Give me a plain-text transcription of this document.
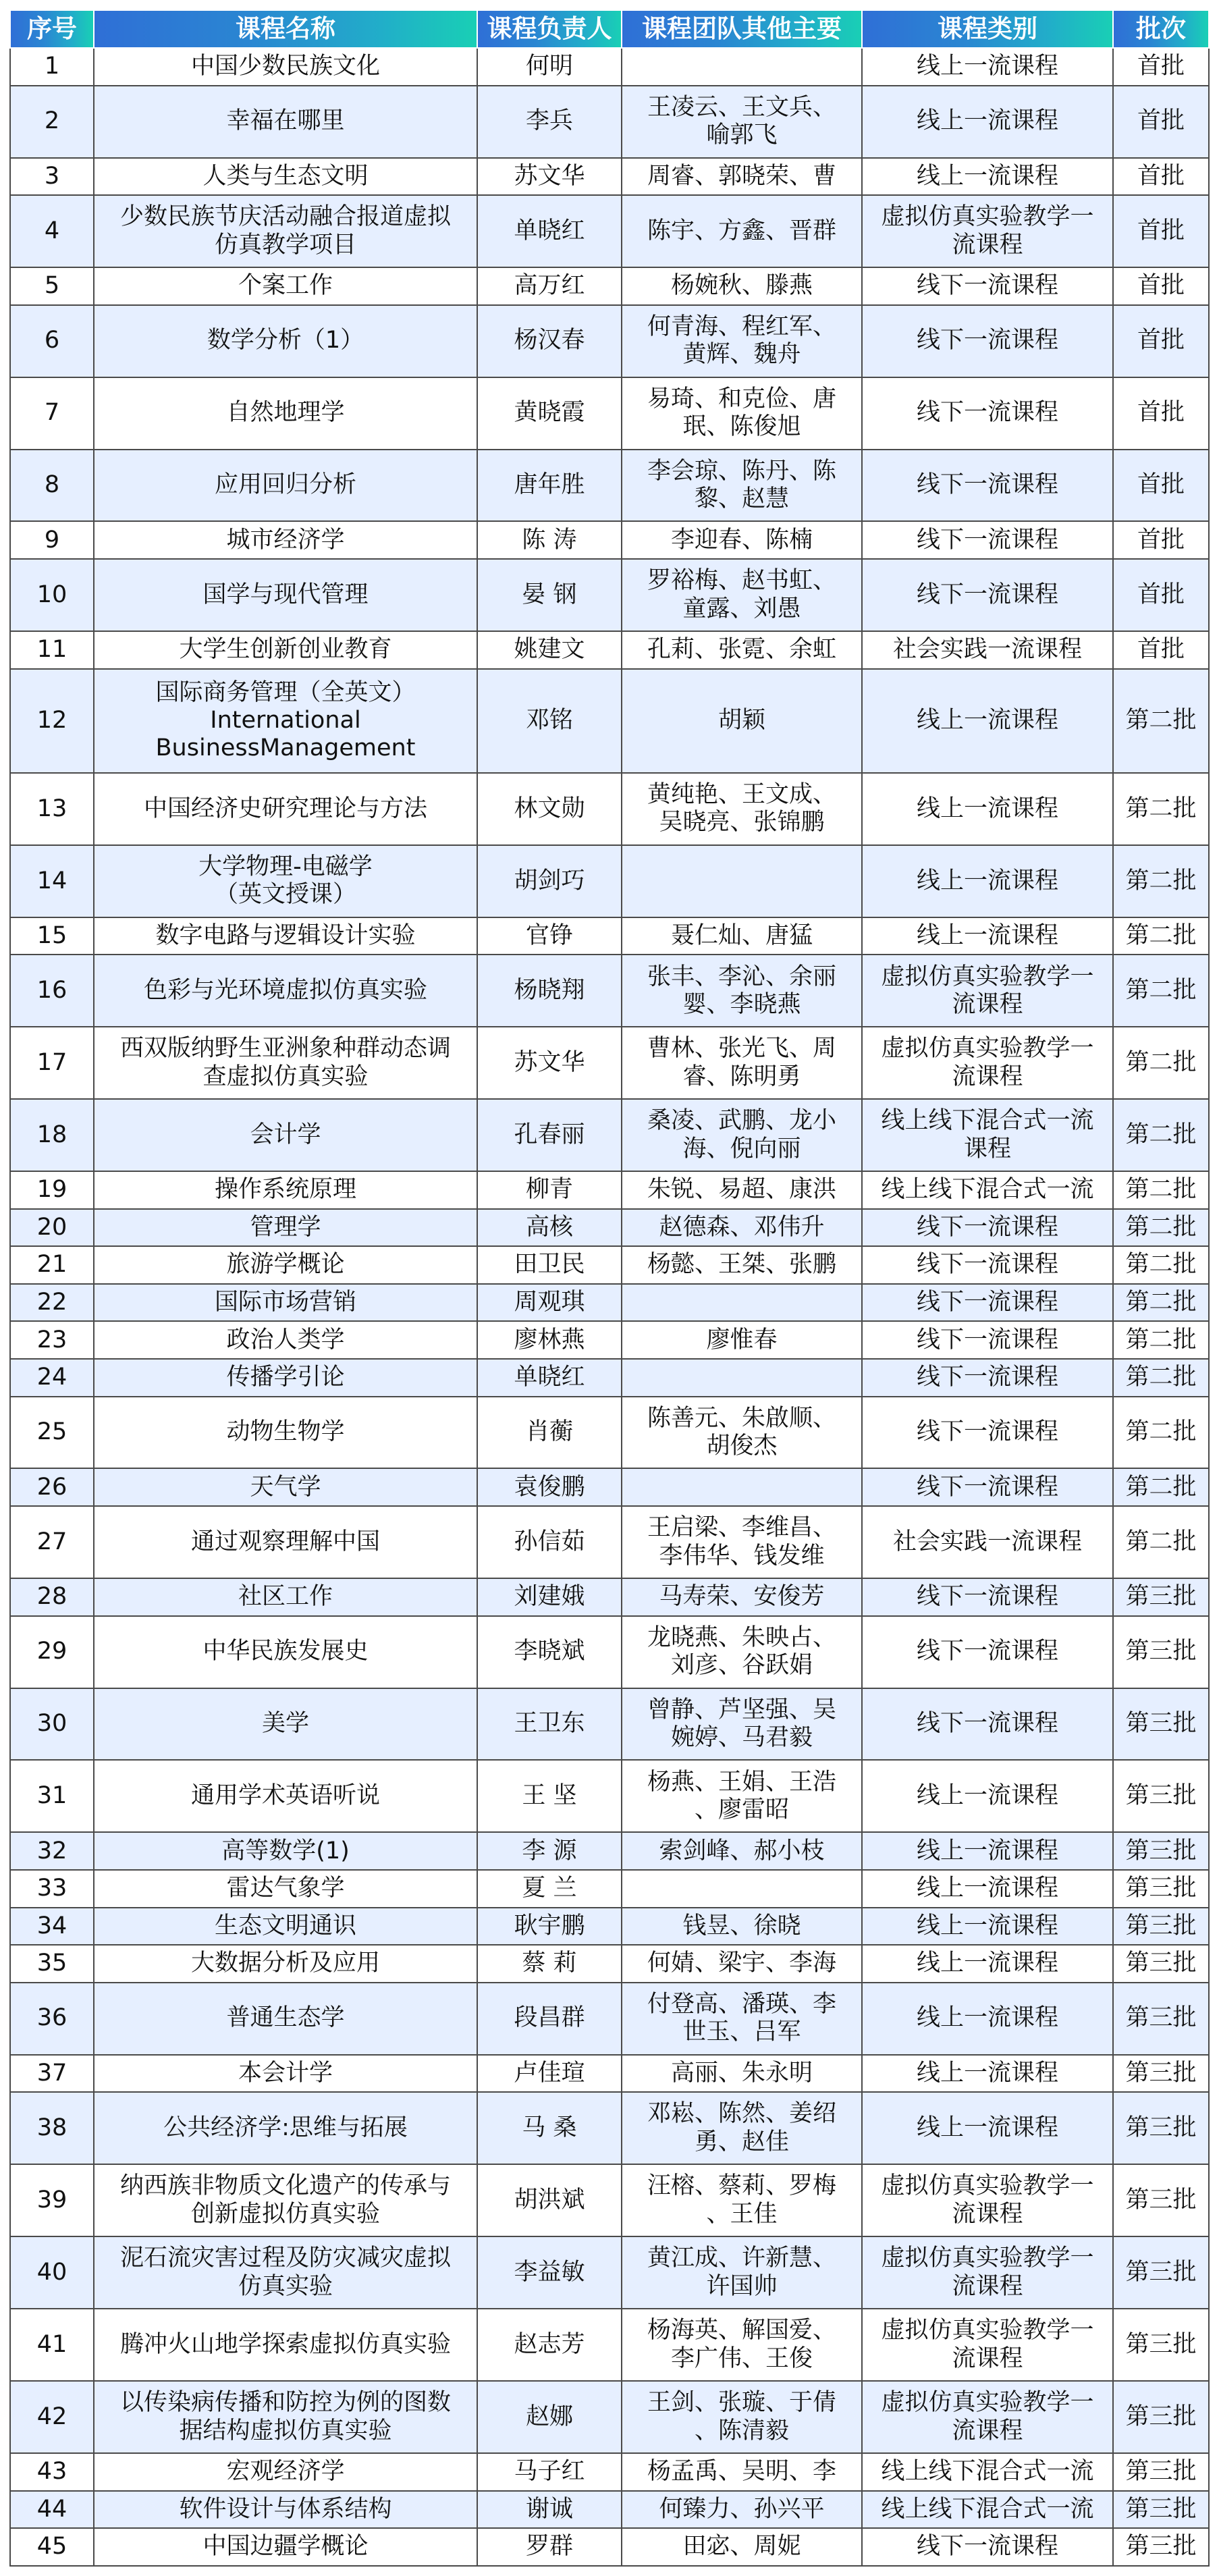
序号	课程名称	课程负责人	课程团队其他主要	课程类别	批次
1	中国少数民族文化	何明		线上一流课程	首批
2	幸福在哪里	李兵	王凌云、王文兵、
喻郭飞	线上一流课程	首批
3	人类与生态文明	苏文华	周睿、郭晓荣、曹	线上一流课程	首批
4	少数民族节庆活动融合报道虚拟
仿真教学项目	单晓红	陈宇、方鑫、晋群	虚拟仿真实验教学一
流课程	首批
5	个案工作	高万红	杨婉秋、滕燕	线下一流课程	首批
6	数学分析（1）	杨汉春	何青海、程红军、
黄辉、魏舟	线下一流课程	首批
7	自然地理学	黄晓霞	易琦、和克俭、唐
珉、陈俊旭	线下一流课程	首批
8	应用回归分析	唐年胜	李会琼、陈丹、陈
黎、赵慧	线下一流课程	首批
9	城市经济学	陈 涛	李迎春、陈楠	线下一流课程	首批
10	国学与现代管理	晏 钢	罗裕梅、赵书虹、
童露、刘愚	线下一流课程	首批
11	大学生创新创业教育	姚建文	孔莉、张霓、余虹	社会实践一流课程	首批
12	国际商务管理（全英文）
International
BusinessManagement	邓铭	胡颖	线上一流课程	第二批
13	中国经济史研究理论与方法	林文勋	黄纯艳、王文成、
吴晓亮、张锦鹏	线上一流课程	第二批
14	大学物理-电磁学
（英文授课）	胡剑巧		线上一流课程	第二批
15	数字电路与逻辑设计实验	官铮	聂仁灿、唐猛	线上一流课程	第二批
16	色彩与光环境虚拟仿真实验	杨晓翔	张丰、李沁、余丽
婴、李晓燕	虚拟仿真实验教学一
流课程	第二批
17	西双版纳野生亚洲象种群动态调
查虚拟仿真实验	苏文华	曹林、张光飞、周
睿、陈明勇	虚拟仿真实验教学一
流课程	第二批
18	会计学	孔春丽	桑凌、武鹏、龙小
海、倪向丽	线上线下混合式一流
课程	第二批
19	操作系统原理	柳青	朱锐、易超、康洪	线上线下混合式一流	第二批
20	管理学	高核	赵德森、邓伟升	线下一流课程	第二批
21	旅游学概论	田卫民	杨懿、王桀、张鹏	线下一流课程	第二批
22	国际市场营销	周观琪		线下一流课程	第二批
23	政治人类学	廖林燕	廖惟春	线下一流课程	第二批
24	传播学引论	单晓红		线下一流课程	第二批
25	动物生物学	肖蘅	陈善元、朱啟顺、
胡俊杰	线下一流课程	第二批
26	天气学	袁俊鹏		线下一流课程	第二批
27	通过观察理解中国	孙信茹	王启梁、李维昌、
李伟华、钱发维	社会实践一流课程	第二批
28	社区工作	刘建娥	马寿荣、安俊芳	线下一流课程	第三批
29	中华民族发展史	李晓斌	龙晓燕、朱映占、
刘彦、谷跃娟	线下一流课程	第三批
30	美学	王卫东	曾静、芦坚强、吴
婉婷、马君毅	线下一流课程	第三批
31	通用学术英语听说	王 坚	杨燕、王娟、王浩
、廖雷昭	线上一流课程	第三批
32	高等数学(1)	李 源	索剑峰、郝小枝	线上一流课程	第三批
33	雷达气象学	夏 兰		线上一流课程	第三批
34	生态文明通识	耿宇鹏	钱昱、徐晓	线上一流课程	第三批
35	大数据分析及应用	蔡 莉	何婧、梁宇、李海	线上一流课程	第三批
36	普通生态学	段昌群	付登高、潘瑛、李
世玉、吕军	线上一流课程	第三批
37	本会计学	卢佳瑄	高丽、朱永明	线上一流课程	第三批
38	公共经济学:思维与拓展	马 桑	邓崧、陈然、姜绍
勇、赵佳	线上一流课程	第三批
39	纳西族非物质文化遗产的传承与
创新虚拟仿真实验	胡洪斌	汪榕、蔡莉、罗梅
、王佳	虚拟仿真实验教学一
流课程	第三批
40	泥石流灾害过程及防灾减灾虚拟
仿真实验	李益敏	黄江成、许新慧、
许国帅	虚拟仿真实验教学一
流课程	第三批
41	腾冲火山地学探索虚拟仿真实验	赵志芳	杨海英、解国爱、
李广伟、王俊	虚拟仿真实验教学一
流课程	第三批
42	以传染病传播和防控为例的图数
据结构虚拟仿真实验	赵娜	王剑、张璇、于倩
、陈清毅	虚拟仿真实验教学一
流课程	第三批
43	宏观经济学	马子红	杨孟禹、吴明、李	线上线下混合式一流	第三批
44	软件设计与体系结构	谢诚	何臻力、孙兴平	线上线下混合式一流	第三批
45	中国边疆学概论	罗群	田宓、周妮	线下一流课程	第三批
